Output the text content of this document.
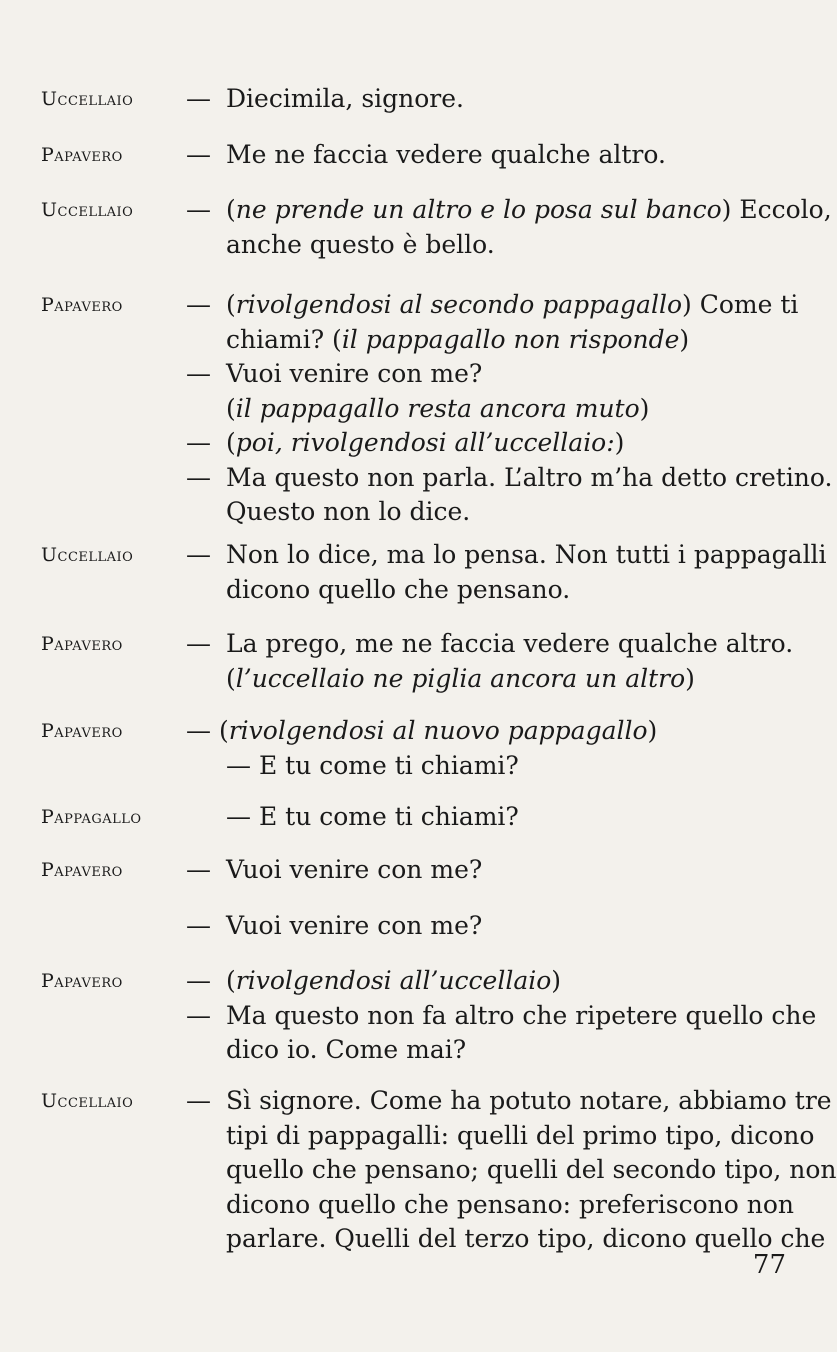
Uccellaio — Diecimila, signore.
Papavero	— Me ne faccia vedere qualche altro.
Uccellaio — (ne prende un altro e lo posa sul banco) Eccolo,
anche questo è bello.
Papavero	— (rivolgendosi al secondo pappagallo) Come ti
chiami? (il pappagallo non risponde)
— Vuoi venire con me?
(il pappagallo resta ancora muto)
— (poi, rivolgendosi all’uccellaio:)
— Ma questo non parla. L’altro m’ha detto cretino.
Questo non lo dice.
Uccellaio — Non lo dice, ma lo pensa. Non tutti i pappagalli
dicono quello che pensano.
Papavero	— La prego, me ne faccia vedere qualche altro.
(l’uccellaio ne piglia ancora un altro)
Papavero	— (rivolgendosi al nuovo pappagallo)
— E tu come ti chiami?
Pappagallo	— E tu come ti chiami?
Papavero	— Vuoi venire con me?
— Vuoi venire con me?
Papavero	— (rivolgendosi all’uccellaio)
— Ma questo non fa altro che ripetere quello che
dico io. Come mai?
Uccellaio — Sì signore. Come ha potuto notare, abbiamo tre
tipi di pappagalli: quelli del primo tipo, dicono
quello che pensano; quelli del secondo tipo, non
dicono quello che pensano: preferiscono non
parlare. Quelli del terzo tipo, dicono quello che
77
